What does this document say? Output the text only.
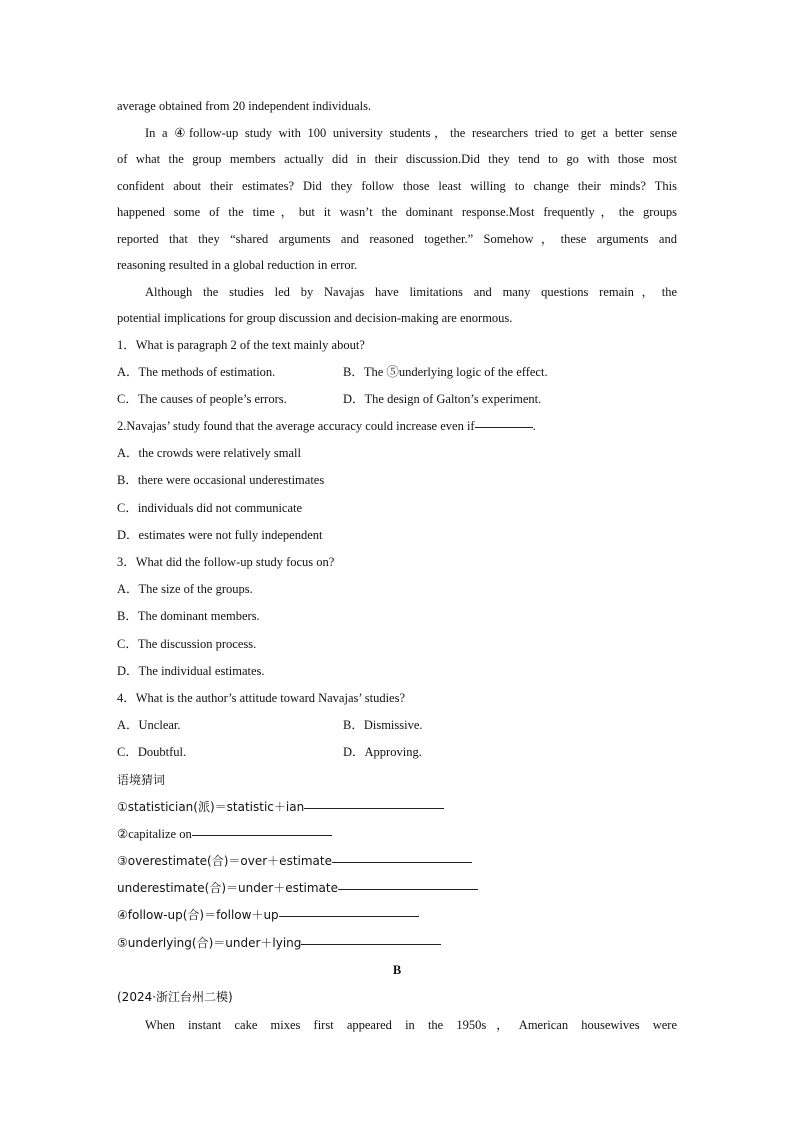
average obtained from 20 independent individuals.
In a ④follow-up study with 100 university students，the researchers tried to get a better sense
of what the group members actually did in their discussion.Did they tend to go with those most
confident about their estimates? Did they follow those least willing to change their minds? This
happened some of the time，but it wasn’t the dominant response.Most frequently，the groups
reported that they “shared arguments and reasoned together.” Somehow，these arguments and
reasoning resulted in a global reduction in error.
Although the studies led by Navajas have limitations and many questions remain，the
potential implications for group discussion and decision-making are enormous.
1．What is paragraph 2 of the text mainly about?
A．The methods of estimation.	B．The ⑤underlying logic of the effect.
C．The causes of people’s errors.	D．The design of Galton’s experiment.
2.Navajas’ study found that the average accuracy could increase even if	.
A．the crowds were relatively small
B．there were occasional underestimates
C．individuals did not communicate
D．estimates were not fully independent
3．What did the follow-up study focus on?
A．The size of the groups.
B．The dominant members.
C．The discussion process.
D．The individual estimates.
4．What is the author’s attitude toward Navajas’ studies?
A．Unclear.	B．Dismissive.
C．Doubtful.	D．Approving.
语境猜词
①statistician(派)＝statistic＋ian
②capitalize on
③overestimate(合)＝over＋estimate
underestimate(合)＝under＋estimate
④follow-up(合)＝follow＋up
⑤underlying(合)＝under＋lying
B
(2024·浙江台州二模)
When instant cake mixes first appeared in the 1950s，American housewives were
